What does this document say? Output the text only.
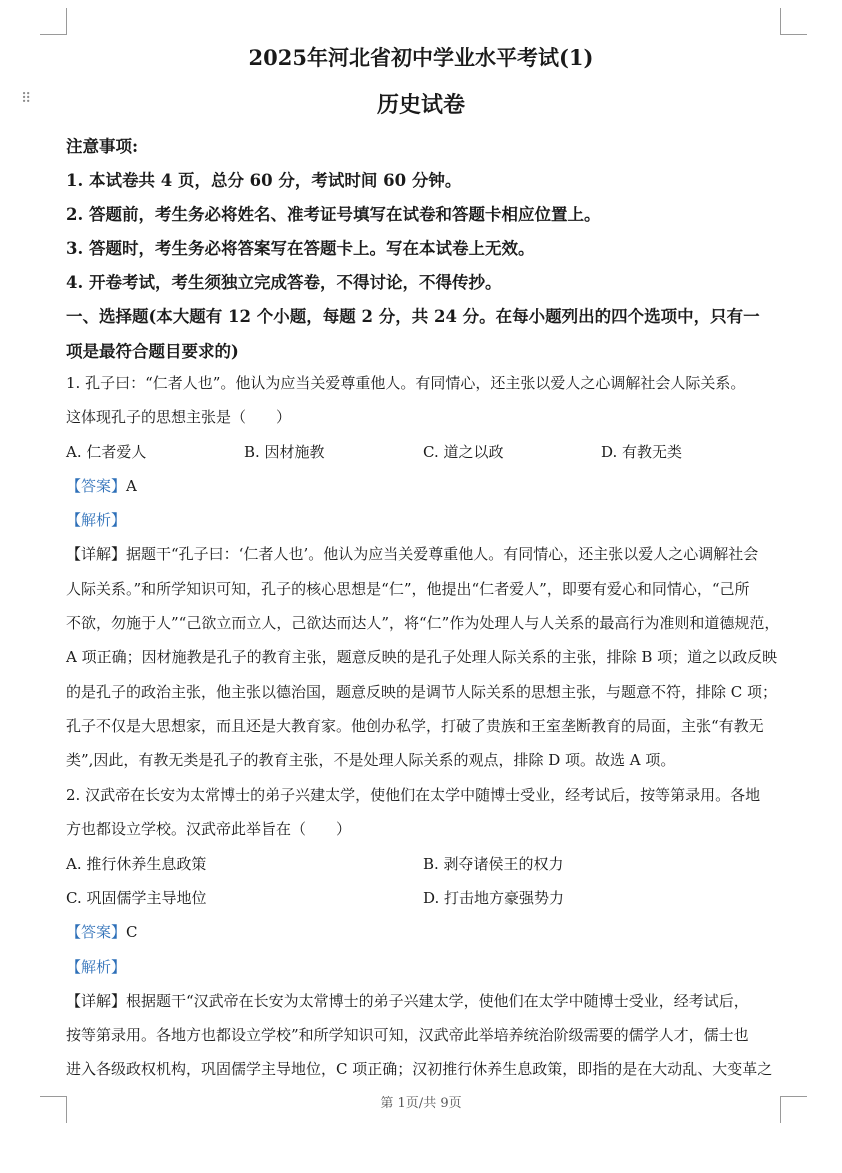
⠿
2025年河北省初中学业水平考试(1)
历史试卷
注意事项:
1. 本试卷共 4 页，总分 60 分，考试时间 60 分钟。
2. 答题前，考生务必将姓名、准考证号填写在试卷和答题卡相应位置上。
3. 答题时，考生务必将答案写在答题卡上。写在本试卷上无效。
4. 开卷考试，考生须独立完成答卷，不得讨论，不得传抄。
一、选择题(本大题有 12 个小题，每题 2 分，共 24 分。在每小题列出的四个选项中，只有一
项是最符合题目要求的)
1. 孔子曰：“仁者人也”。他认为应当关爱尊重他人。有同情心，还主张以爱人之心调解社会人际关系。
这体现孔子的思想主张是（　　）
A. 仁者爱人	B. 因材施教	C. 道之以政	D. 有教无类
【答案】A
【解析】
【详解】据题干“孔子曰：‘仁者人也’。他认为应当关爱尊重他人。有同情心，还主张以爱人之心调解社会
人际关系。”和所学知识可知，孔子的核心思想是“仁”，他提出“仁者爱人”，即要有爱心和同情心，“己所
不欲，勿施于人”“己欲立而立人，己欲达而达人”，将“仁”作为处理人与人关系的最高行为准则和道德规范，
A 项正确；因材施教是孔子的教育主张，题意反映的是孔子处理人际关系的主张，排除 B 项；道之以政反映
的是孔子的政治主张，他主张以德治国，题意反映的是调节人际关系的思想主张，与题意不符，排除 C 项；
孔子不仅是大思想家，而且还是大教育家。他创办私学，打破了贵族和王室垄断教育的局面，主张“有教无
类”,因此，有教无类是孔子的教育主张，不是处理人际关系的观点，排除 D 项。故选 A 项。
2. 汉武帝在长安为太常博士的弟子兴建太学，使他们在太学中随博士受业，经考试后，按等第录用。各地
方也都设立学校。汉武帝此举旨在（　　）
A. 推行休养生息政策	B. 剥夺诸侯王的权力
C. 巩固儒学主导地位	D. 打击地方豪强势力
【答案】C
【解析】
【详解】根据题干“汉武帝在长安为太常博士的弟子兴建太学，使他们在太学中随博士受业，经考试后，
按等第录用。各地方也都设立学校”和所学知识可知，汉武帝此举培养统治阶级需要的儒学人才，儒士也
进入各级政权机构，巩固儒学主导地位，C 项正确；汉初推行休养生息政策，即指的是在大动乱、大变革之
第 1页/共 9页
